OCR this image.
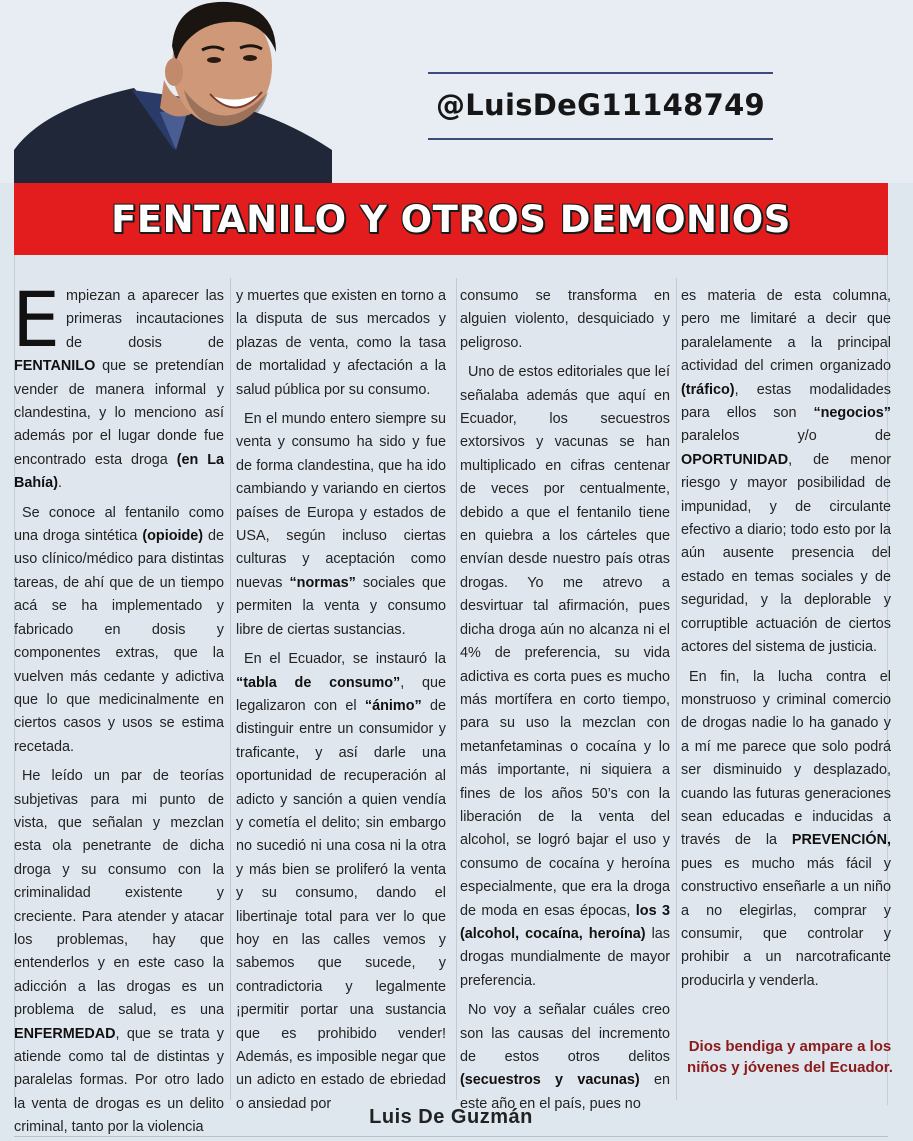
@LuisDeG11148749
FENTANILO Y OTROS DEMONIOS

Empiezan a aparecer las primeras incautaciones de dosis de FENTANILO que se pretendían vender de manera informal y clandestina, y lo menciono así además por el lugar donde fue encontrado esta droga (en La Bahía).

Se conoce al fentanilo como una droga sintética (opioide) de uso clínico/médico para distintas tareas, de ahí que de un tiempo acá se ha implementado y fabricado en dosis y componentes extras, que la vuelven más cedante y adictiva que lo que medicinalmente en ciertos casos y usos se estima recetada.

He leído un par de teorías subjetivas para mi punto de vista, que señalan y mezclan esta ola penetrante de dicha droga y su consumo con la criminalidad existente y creciente. Para atender y atacar los problemas, hay que entenderlos y en este caso la adicción a las drogas es un problema de salud, es una ENFERMEDAD, que se trata y atiende como tal de distintas y paralelas formas. Por otro lado la venta de drogas es un delito criminal, tanto por la violencia

y muertes que existen en torno a la disputa de sus mercados y plazas de venta, como la tasa de mortalidad y afectación a la salud pública por su consumo.

En el mundo entero siempre su venta y consumo ha sido y fue de forma clandestina, que ha ido cambiando y variando en ciertos países de Europa y estados de USA, según incluso ciertas culturas y aceptación como nuevas “normas” sociales que permiten la venta y consumo libre de ciertas sustancias.

En el Ecuador, se instauró la “tabla de consumo”, que legalizaron con el “ánimo” de distinguir entre un consumidor y traficante, y así darle una oportunidad de recuperación al adicto y sanción a quien vendía y cometía el delito; sin embargo no sucedió ni una cosa ni la otra y más bien se proliferó la venta y su consumo, dando el libertinaje total para ver lo que hoy en las calles vemos y sabemos que sucede, y contradictoria y legalmente ¡permitir portar una sustancia que es prohibido vender! Además, es imposible negar que un adicto en estado de ebriedad o ansiedad por

consumo se transforma en alguien violento, desquiciado y peligroso.

Uno de estos editoriales que leí señalaba además que aquí en Ecuador, los secuestros extorsivos y vacunas se han multiplicado en cifras centenar de veces por centualmente, debido a que el fentanilo tiene en quiebra a los cárteles que envían desde nuestro país otras drogas. Yo me atrevo a desvirtuar tal afirmación, pues dicha droga aún no alcanza ni el 4% de preferencia, su vida adictiva es corta pues es mucho más mortífera en corto tiempo, para su uso la mezclan con metanfetaminas o cocaína y lo más importante, ni siquiera a fines de los años 50’s con la liberación de la venta del alcohol, se logró bajar el uso y consumo de cocaína y heroína especialmente, que era la droga de moda en esas épocas, los 3 (alcohol, cocaína, heroína) las drogas mundialmente de mayor preferencia.

No voy a señalar cuáles creo son las causas del incremento de estos otros delitos (secuestros y vacunas) en este año en el país, pues no

es materia de esta columna, pero me limitaré a decir que paralelamente a la principal actividad del crimen organizado (tráfico), estas modalidades para ellos son “negocios” paralelos y/o de OPORTUNIDAD, de menor riesgo y mayor posibilidad de impunidad, y de circulante efectivo a diario; todo esto por la aún ausente presencia del estado en temas sociales y de seguridad, y la deplorable y corruptible actuación de ciertos actores del sistema de justicia.

En fin, la lucha contra el monstruoso y criminal comercio de drogas nadie lo ha ganado y a mí me parece que solo podrá ser disminuido y desplazado, cuando las futuras generaciones sean educadas e inducidas a través de la PREVENCIÓN, pues es mucho más fácil y constructivo enseñarle a un niño a no elegirlas, comprar y consumir, que controlar y prohibir a un narcotraficante producirla y venderla.

Dios bendiga y ampare a los niños y jóvenes del Ecuador.
Luis De Guzmán
